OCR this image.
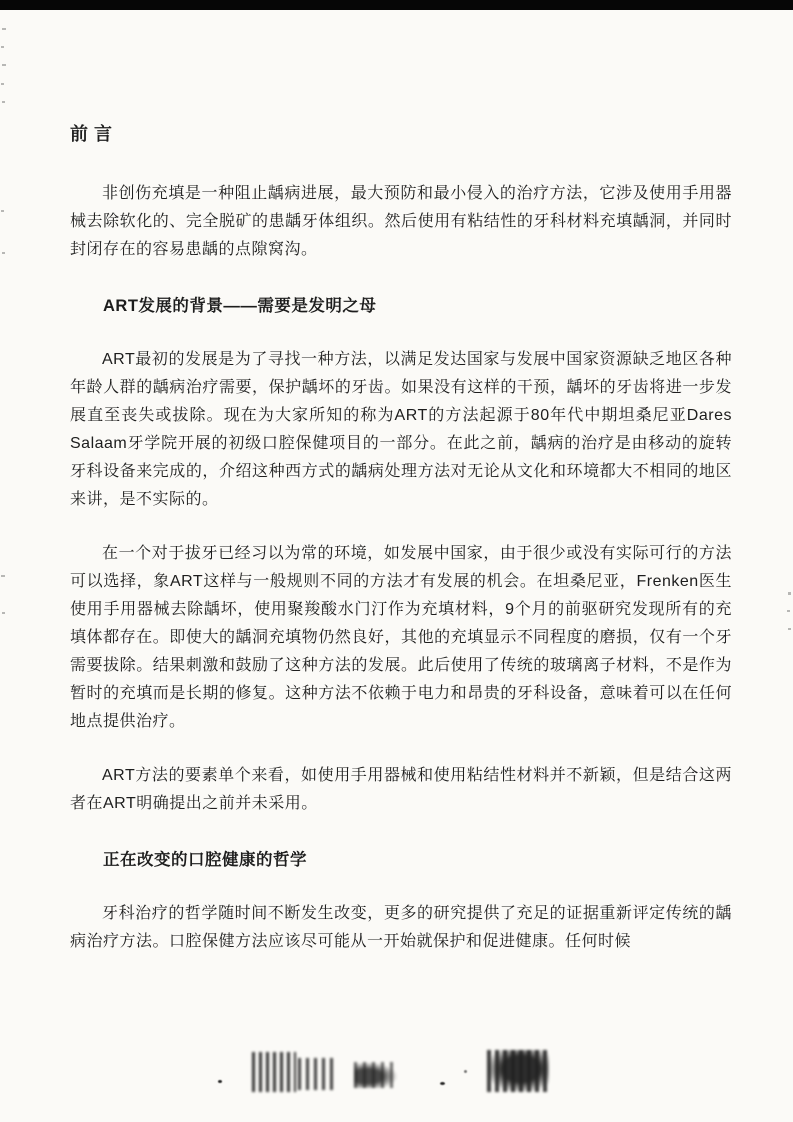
前言

非创伤充填是一种阻止龋病进展，最大预防和最小侵入的治疗方法，它涉及使用手用器械去除软化的、完全脱矿的患龋牙体组织。然后使用有粘结性的牙科材料充填龋洞，并同时封闭存在的容易患龋的点隙窝沟。

ART发展的背景——需要是发明之母

ART最初的发展是为了寻找一种方法，以满足发达国家与发展中国家资源缺乏地区各种年龄人群的龋病治疗需要，保护龋坏的牙齿。如果没有这样的干预，龋坏的牙齿将进一步发展直至丧失或拔除。现在为大家所知的称为ART的方法起源于80年代中期坦桑尼亚Dares Salaam牙学院开展的初级口腔保健项目的一部分。在此之前，龋病的治疗是由移动的旋转牙科设备来完成的，介绍这种西方式的龋病处理方法对无论从文化和环境都大不相同的地区来讲，是不实际的。

在一个对于拔牙已经习以为常的环境，如发展中国家，由于很少或没有实际可行的方法可以选择，象ART这样与一般规则不同的方法才有发展的机会。在坦桑尼亚，Frenken医生使用手用器械去除龋坏，使用聚羧酸水门汀作为充填材料，9个月的前驱研究发现所有的充填体都存在。即使大的龋洞充填物仍然良好，其他的充填显示不同程度的磨损，仅有一个牙需要拔除。结果刺激和鼓励了这种方法的发展。此后使用了传统的玻璃离子材料，不是作为暂时的充填而是长期的修复。这种方法不依赖于电力和昂贵的牙科设备，意味着可以在任何地点提供治疗。

ART方法的要素单个来看，如使用手用器械和使用粘结性材料并不新颖，但是结合这两者在ART明确提出之前并未采用。

正在改变的口腔健康的哲学

牙科治疗的哲学随时间不断发生改变，更多的研究提供了充足的证据重新评定传统的龋病治疗方法。口腔保健方法应该尽可能从一开始就保护和促进健康。任何时候
